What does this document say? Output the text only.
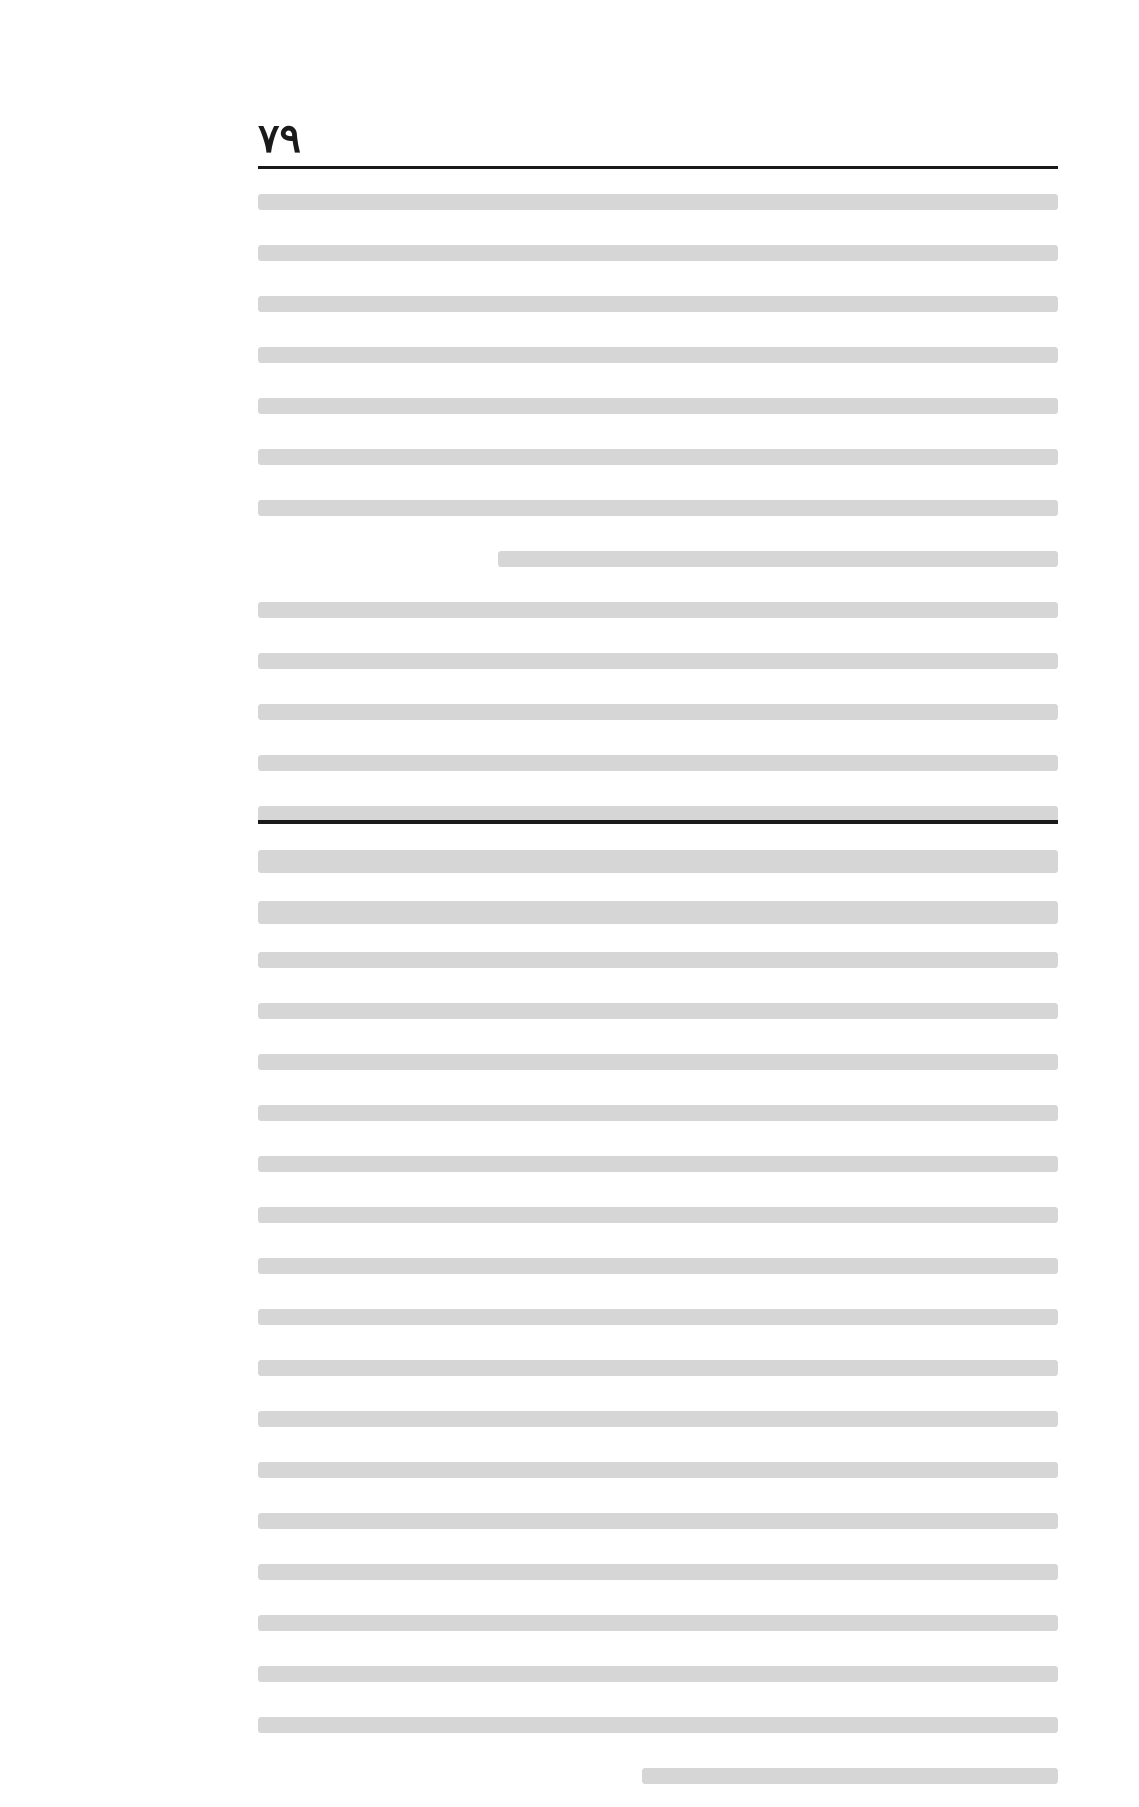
٧٩
